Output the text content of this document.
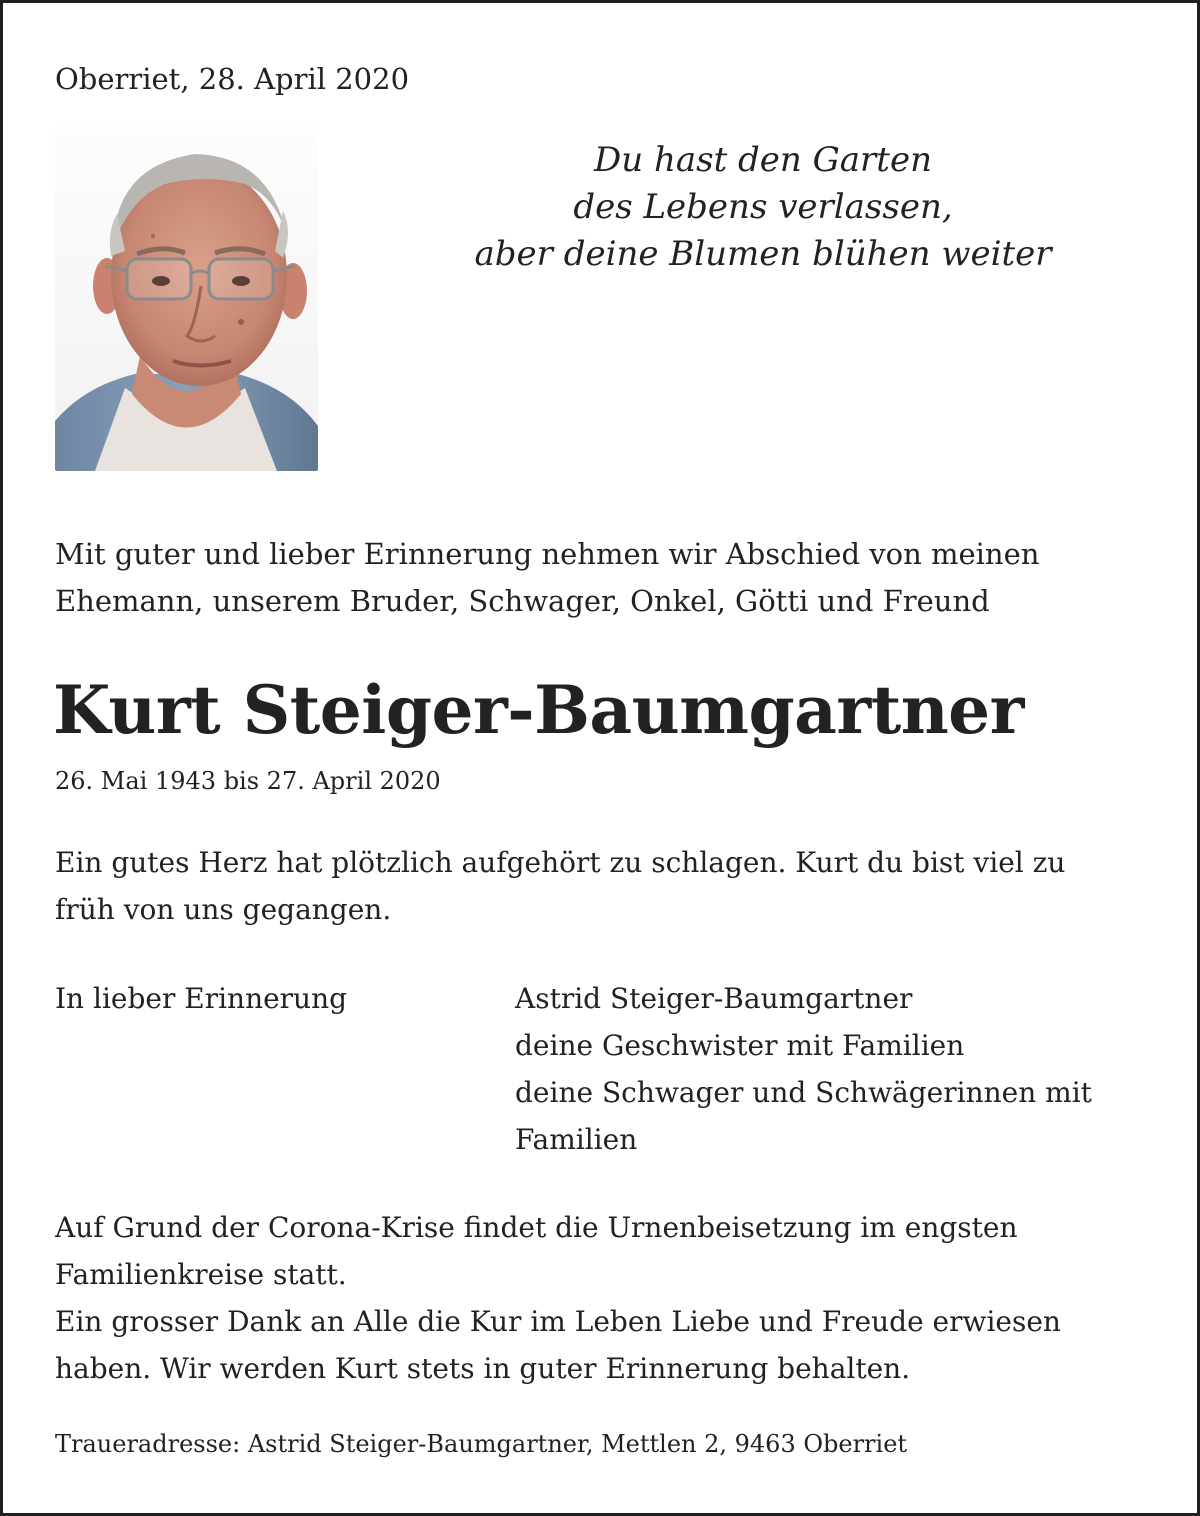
Oberriet, 28. April 2020
Du hast den Garten
des Lebens verlassen,
aber deine Blumen blühen weiter
Mit guter und lieber Erinnerung nehmen wir Abschied von meinen
Ehemann, unserem Bruder, Schwager, Onkel, Götti und Freund
Kurt Steiger-Baumgartner
26. Mai 1943 bis 27. April 2020
Ein gutes Herz hat plötzlich aufgehört zu schlagen. Kurt du bist viel zu
früh von uns gegangen.
In lieber Erinnerung	Astrid Steiger-Baumgartner
deine Geschwister mit Familien
deine Schwager und Schwägerinnen mit
Familien
Auf Grund der Corona-Krise findet die Urnenbeisetzung im engsten
Familienkreise statt.
Ein grosser Dank an Alle die Kur im Leben Liebe und Freude erwiesen
haben. Wir werden Kurt stets in guter Erinnerung behalten.
Traueradresse: Astrid Steiger-Baumgartner, Mettlen 2, 9463 Oberriet
